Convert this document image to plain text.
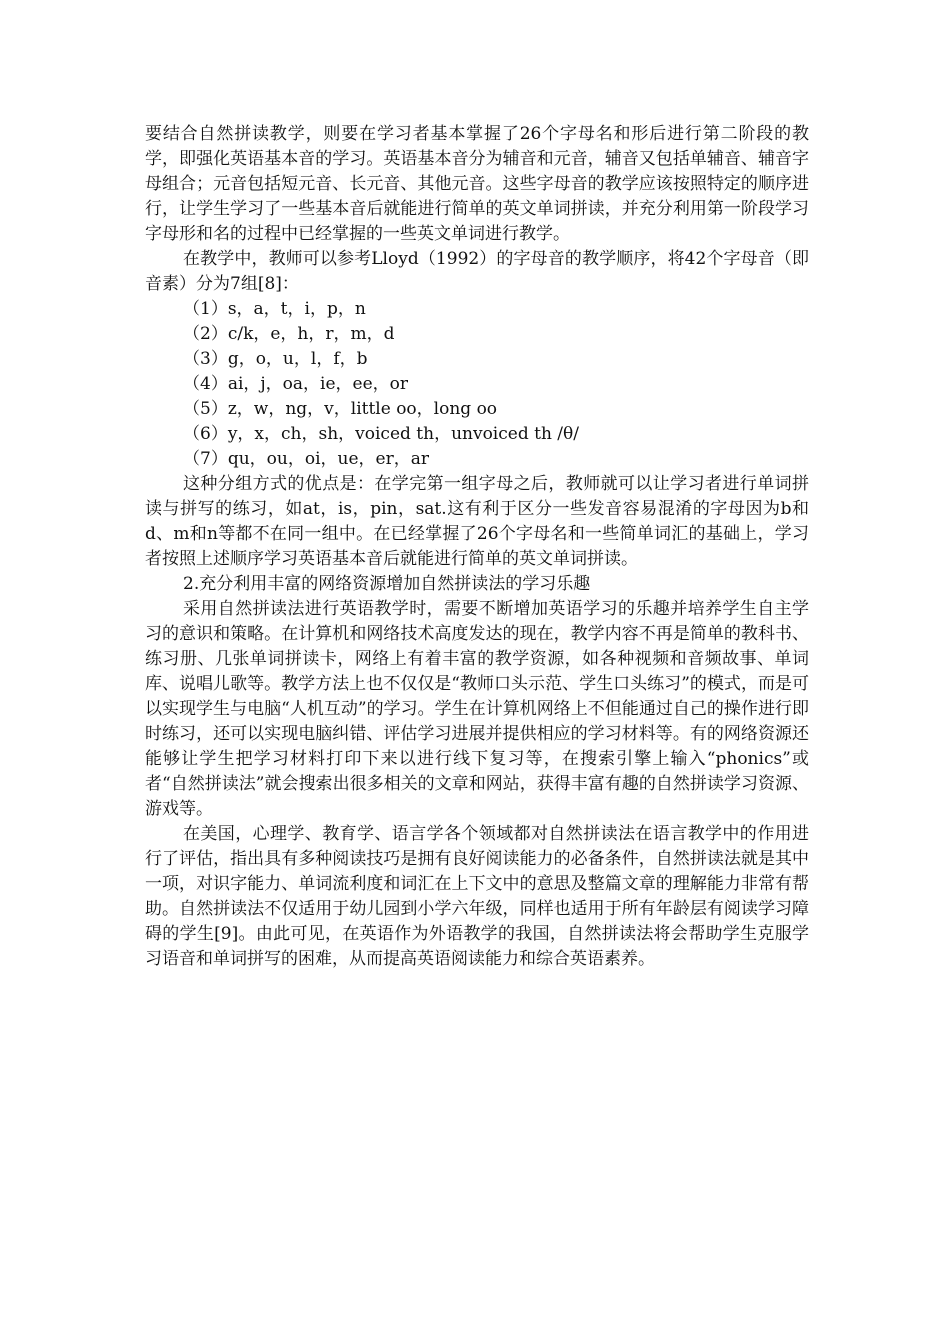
要结合自然拼读教学，则要在学习者基本掌握了26个字母名和形后进行第二阶段的教学，即强化英语基本音的学习。英语基本音分为辅音和元音，辅音又包括单辅音、辅音字母组合；元音包括短元音、长元音、其他元音。这些字母音的教学应该按照特定的顺序进行，让学生学习了一些基本音后就能进行简单的英文单词拼读，并充分利用第一阶段学习字母形和名的过程中已经掌握的一些英文单词进行教学。

在教学中，教师可以参考Lloyd（1992）的字母音的教学顺序，将42个字母音（即音素）分为7组[8]：

（1）s，a，t，i，p，n

（2）c/k，e，h，r，m，d

（3）g，o，u，l，f，b

（4）ai，j，oa，ie，ee，or

（5）z，w，ng，v，little oo，long oo

（6）y，x，ch，sh，voiced th，unvoiced th /θ/

（7）qu，ou，oi，ue，er，ar

这种分组方式的优点是：在学完第一组字母之后，教师就可以让学习者进行单词拼读与拼写的练习，如at，is，pin，sat.这有利于区分一些发音容易混淆的字母因为b和d、m和n等都不在同一组中。在已经掌握了26个字母名和一些简单词汇的基础上，学习者按照上述顺序学习英语基本音后就能进行简单的英文单词拼读。

2.充分利用丰富的网络资源增加自然拼读法的学习乐趣

采用自然拼读法进行英语教学时，需要不断增加英语学习的乐趣并培养学生自主学习的意识和策略。在计算机和网络技术高度发达的现在，教学内容不再是简单的教科书、练习册、几张单词拼读卡，网络上有着丰富的教学资源，如各种视频和音频故事、单词库、说唱儿歌等。教学方法上也不仅仅是“教师口头示范、学生口头练习”的模式，而是可以实现学生与电脑“人机互动”的学习。学生在计算机网络上不但能通过自己的操作进行即时练习，还可以实现电脑纠错、评估学习进展并提供相应的学习材料等。有的网络资源还能够让学生把学习材料打印下来以进行线下复习等，在搜索引擎上输入“phonics”或者“自然拼读法”就会搜索出很多相关的文章和网站，获得丰富有趣的自然拼读学习资源、游戏等。

在美国，心理学、教育学、语言学各个领域都对自然拼读法在语言教学中的作用进行了评估，指出具有多种阅读技巧是拥有良好阅读能力的必备条件，自然拼读法就是其中一项，对识字能力、单词流利度和词汇在上下文中的意思及整篇文章的理解能力非常有帮助。自然拼读法不仅适用于幼儿园到小学六年级，同样也适用于所有年龄层有阅读学习障碍的学生[9]。由此可见，在英语作为外语教学的我国，自然拼读法将会帮助学生克服学习语音和单词拼写的困难，从而提高英语阅读能力和综合英语素养。
